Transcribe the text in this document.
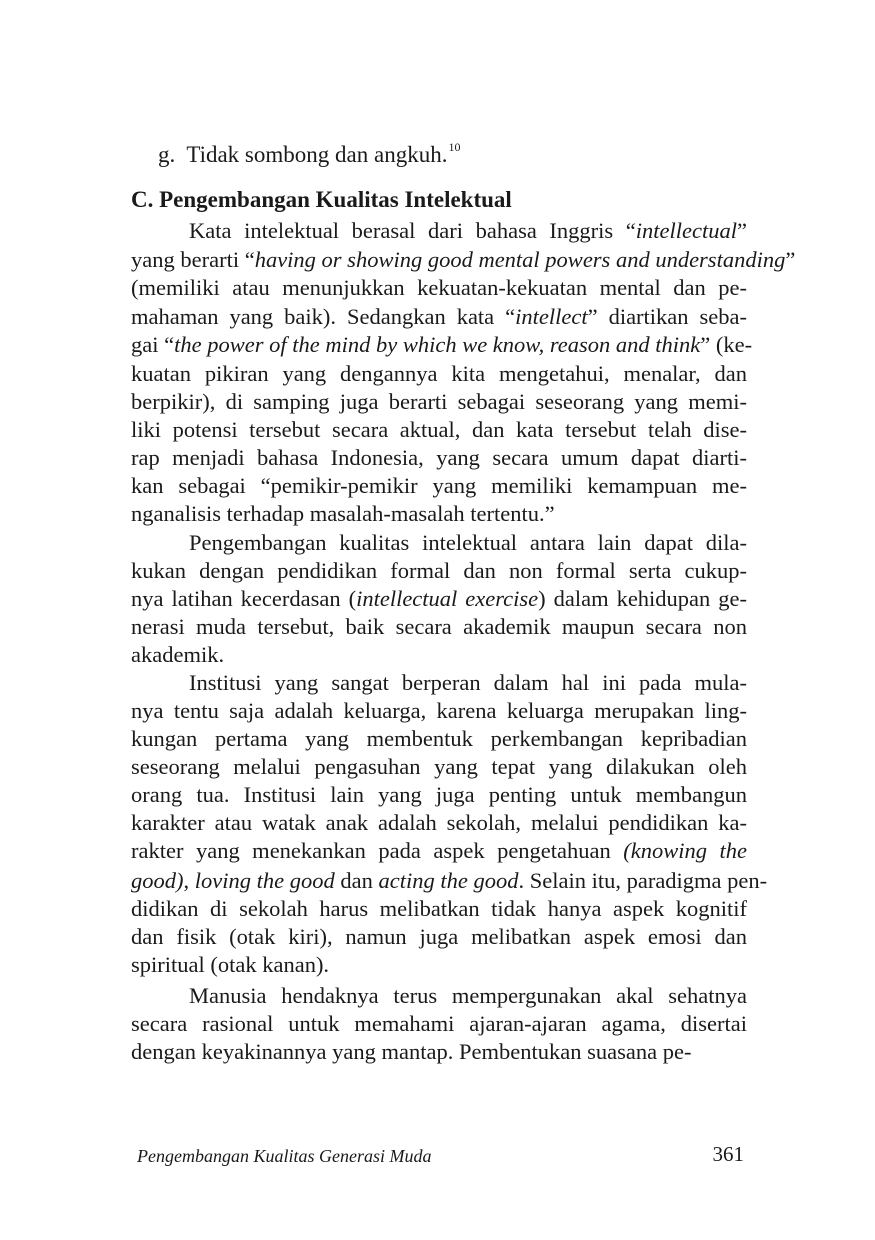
g. Tidak sombong dan angkuh.$^{10}$
C. Pengembangan Kualitas Intelektual
Kata intelektual berasal dari bahasa Inggris “intellectual”
yang berarti “having or showing good mental powers and understanding”
(memiliki atau menunjukkan kekuatan-kekuatan mental dan pe-
mahaman yang baik). Sedangkan kata “intellect” diartikan seba-
gai “the power of the mind by which we know, reason and think” (ke-
kuatan pikiran yang dengannya kita mengetahui, menalar, dan
berpikir), di samping juga berarti sebagai seseorang yang memi-
liki potensi tersebut secara aktual, dan kata tersebut telah dise-
rap menjadi bahasa Indonesia, yang secara umum dapat diarti-
kan sebagai “pemikir-pemikir yang memiliki kemampuan me-
nganalisis terhadap masalah-masalah tertentu.”
Pengembangan kualitas intelektual antara lain dapat dila-
kukan dengan pendidikan formal dan non formal serta cukup-
nya latihan kecerdasan (intellectual exercise) dalam kehidupan ge-
nerasi muda tersebut, baik secara akademik maupun secara non
akademik.
Institusi yang sangat berperan dalam hal ini pada mula-
nya tentu saja adalah keluarga, karena keluarga merupakan ling-
kungan pertama yang membentuk perkembangan kepribadian
seseorang melalui pengasuhan yang tepat yang dilakukan oleh
orang tua. Institusi lain yang juga penting untuk membangun
karakter atau watak anak adalah sekolah, melalui pendidikan ka-
rakter yang menekankan pada aspek pengetahuan (knowing the
good), loving the good dan acting the good. Selain itu, paradigma pen-
didikan di sekolah harus melibatkan tidak hanya aspek kognitif
dan fisik (otak kiri), namun juga melibatkan aspek emosi dan
spiritual (otak kanan).
Manusia hendaknya terus mempergunakan akal sehatnya
secara rasional untuk memahami ajaran-ajaran agama, disertai
dengan keyakinannya yang mantap. Pembentukan suasana pe-
Pengembangan Kualitas Generasi Muda	361
